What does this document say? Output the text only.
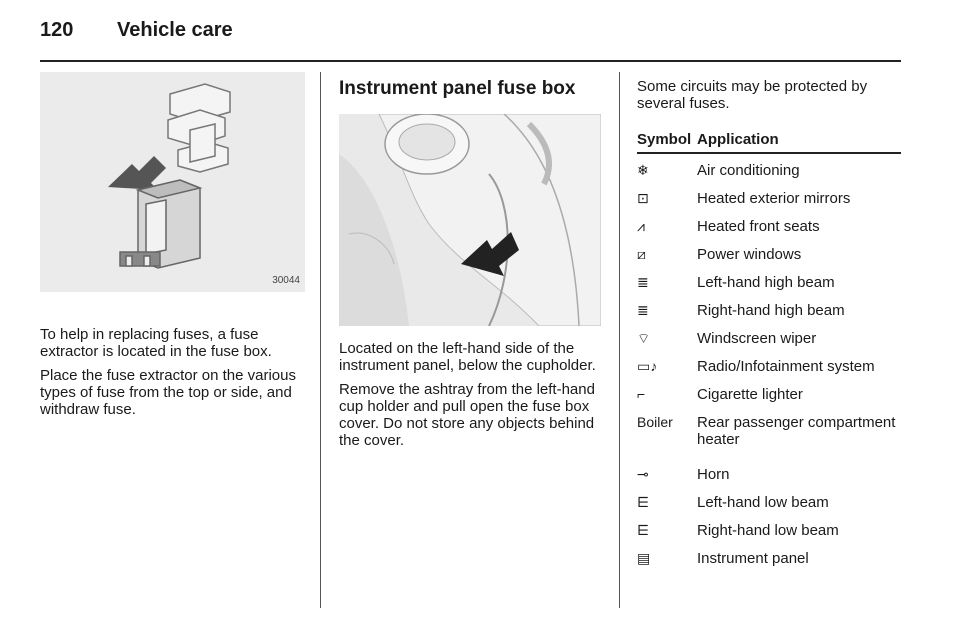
120 Vehicle care
30044

To help in replacing fuses, a fuse extractor is located in the fuse box.

Place the fuse extractor on the various types of fuse from the top or side, and withdraw fuse.

Instrument panel fuse box

Located on the left-hand side of the instrument panel, below the cupholder.

Remove the ashtray from the left-hand cup holder and pull open the fuse box cover. Do not store any objects behind the cover.

Some circuits may be protected by several fuses.

Symbol Application
❄	Air conditioning
⊡	Heated exterior mirrors
⩘	Heated front seats
⧄	Power windows
≣	Left-hand high beam
≣	Right-hand high beam
⌔	Windscreen wiper
▭♪	Radio/Infotainment system
⌐	Cigarette lighter
Boiler	Rear passenger compartment heater
⊸	Horn
⋿	Left-hand low beam
⋿	Right-hand low beam
▤	Instrument panel
